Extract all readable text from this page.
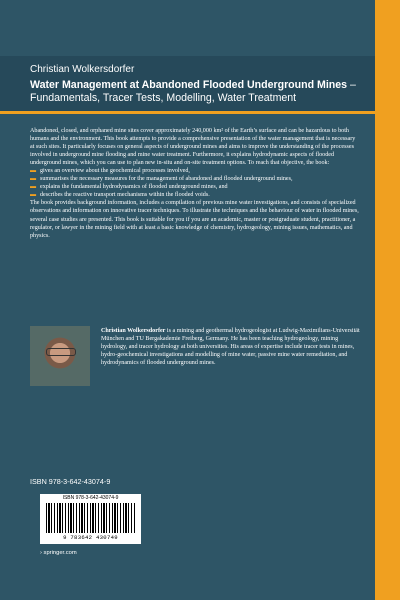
Christian Wolkersdorfer
Water Management at Abandoned Flooded Underground Mines – Fundamentals, Tracer Tests, Modelling, Water Treatment

Abandoned, closed, and orphaned mine sites cover approximately 240,000 km² of the Earth’s surface and can be hazardous to both humans and the environment. This book attempts to provide a comprehensive presentation of the water management that is necessary at such sites. It particularly focuses on general aspects of underground mines and aims to improve the understanding of the processes involved in underground mine flooding and mine water treatment. Furthermore, it explains hydrodynamic aspects of flooded underground mines, which you can use to plan new in-situ and on-site treatment options. To reach that objective, the book:

▬ gives an overview about the geochemical processes involved,
▬ summarises the necessary measures for the management of abandoned and flooded underground mines,
▬ explains the fundamental hydrodynamics of flooded underground mines, and
▬ describes the reactive transport mechanisms within the flooded voids.

The book provides background information, includes a compilation of previous mine water investigations, and consists of specialized observations and information on innovative tracer techniques. To illustrate the techniques and the behaviour of water in flooded mines, several case studies are presented. This book is suitable for you if you are an academic, master or postgraduate student, practitioner, a regulator, or lawyer in the mining field with at least a basic knowledge of chemistry, hydrogeology, mining issues, mathematics, and physics.

Christian Wolkersdorfer is a mining and geothermal hydrogeologist at Ludwig-Maximilians-Universität München and TU Bergakademie Freiberg, Germany. He has been teaching hydrogeology, mining hydrology, and tracer hydrology at both universities. His areas of expertise include tracer tests in mines, hydro-geochemical investigations and modelling of mine water, passive mine water remediation, and hydrodynamics of flooded underground mines.
ISBN 978-3-642-43074-9
ISBN 978-3-642-43074-9
9 783642 430749
› springer.com
